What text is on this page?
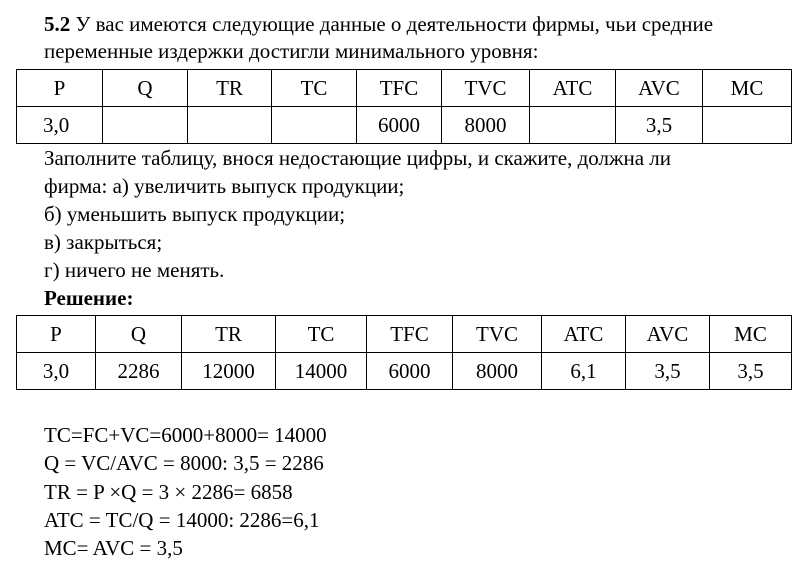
5.2 У вас имеются следующие данные о деятельности фирмы, чьи средние
переменные издержки достигли минимального уровня:
P	Q	TR	TC	TFC	TVC	ATC	AVC	MC
3,0				6000	8000		3,5	
Заполните таблицу, внося недостающие цифры, и скажите, должна ли
фирма: а) увеличить выпуск продукции;
б) уменьшить выпуск продукции;
в) закрыться;
г) ничего не менять.
Решение:
P	Q	TR	TC	TFC	TVC	ATC	AVC	MC
3,0	2286	12000	14000	6000	8000	6,1	3,5	3,5
TC=FC+VC=6000+8000= 14000
Q = VC/AVC = 8000: 3,5 = 2286
TR = P ×Q = 3 × 2286= 6858
ATC = TC/Q = 14000: 2286=6,1
MC= AVC = 3,5
